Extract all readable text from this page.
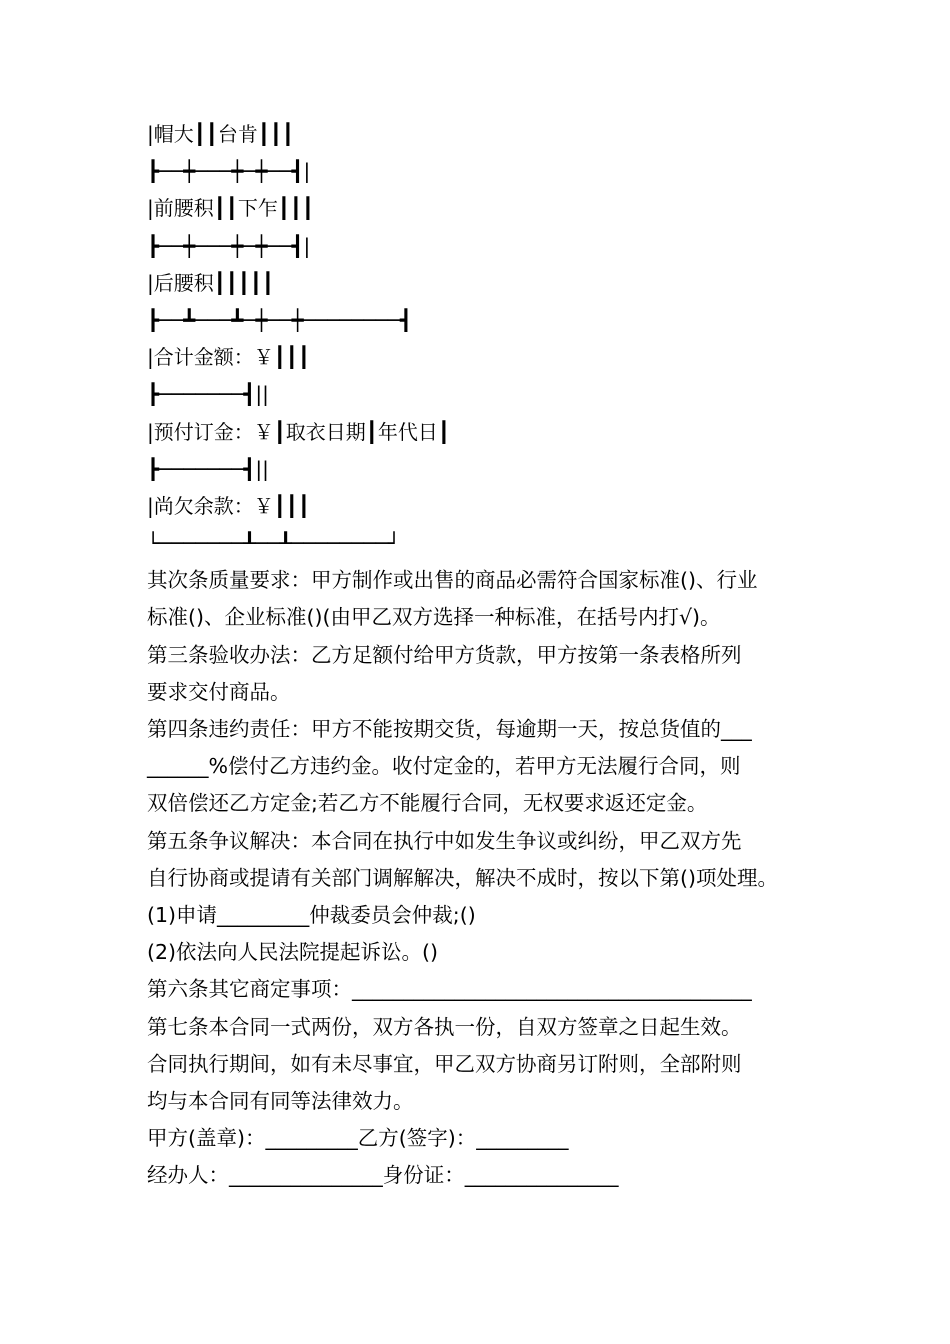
|帽大┃┃台肯┃┃┃
┣──┿───┿─┿──┫|
|前腰积┃┃下乍┃┃┃
┣──┿───┿─┿──┫|
|后腰积┃┃┃┃┃
┣──┻───┻─┿──┿────────┫
|合计金额：￥┃┃┃
┣───────┫||
|预付订金：￥┃取衣日期┃年代日┃
┣───────┫||
|尚欠余款：￥┃┃┃
└───────┸──┸────────┘
其次条质量要求：甲方制作或出售的商品必需符合国家标准()、行业
标准()、企业标准()(由甲乙双方选择一种标准，在括号内打√)。
第三条验收办法：乙方足额付给甲方货款，甲方按第一条表格所列
要求交付商品。
第四条违约责任：甲方不能按期交货，每逾期一天，按总货值的___
______%偿付乙方违约金。收付定金的，若甲方无法履行合同，则
双倍偿还乙方定金;若乙方不能履行合同，无权要求返还定金。
第五条争议解决：本合同在执行中如发生争议或纠纷，甲乙双方先
自行协商或提请有关部门调解解决，解决不成时，按以下第()项处理。
(1)申请_________仲裁委员会仲裁;()
(2)依法向人民法院提起诉讼。()
第六条其它商定事项：_______________________________________
第七条本合同一式两份，双方各执一份，自双方签章之日起生效。
合同执行期间，如有未尽事宜，甲乙双方协商另订附则，全部附则
均与本合同有同等法律效力。
甲方(盖章)：_________乙方(签字)：_________
经办人：_______________身份证：_______________
